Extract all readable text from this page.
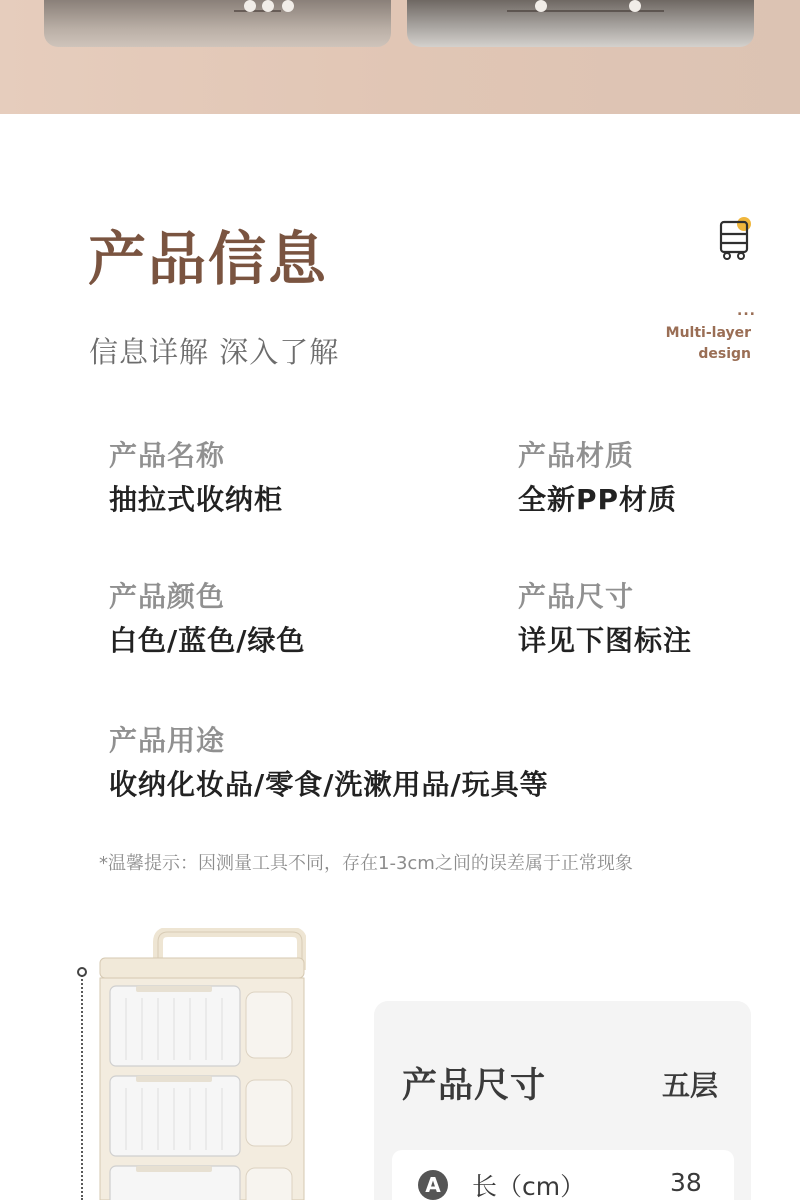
产品信息
信息详解 深入了解
...
Multi-layer
design
产品名称
抽拉式收纳柜
产品材质
全新PP材质
产品颜色
白色/蓝色/绿色
产品尺寸
详见下图标注
产品用途
收纳化妆品/零食/洗漱用品/玩具等
*温馨提示：因测量工具不同，存在1-3cm之间的误差属于正常现象
产品尺寸	五层
A 长（cm）	38
